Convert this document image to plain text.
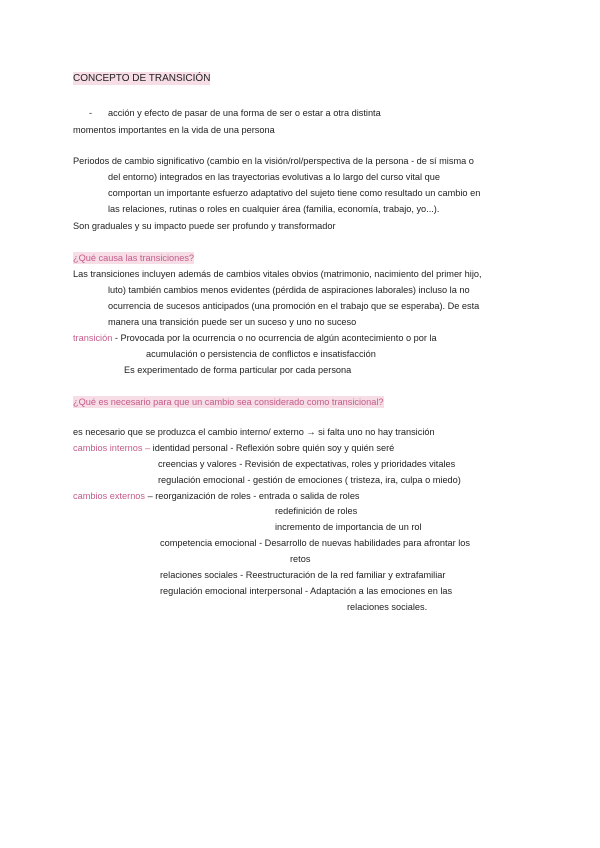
CONCEPTO DE TRANSICIÓN
- acción y efecto de pasar de una forma de ser o estar a otra distinta
momentos importantes en la vida de una persona
Periodos de cambio significativo (cambio en la visión/rol/perspectiva de la persona - de sí misma o
del entorno) integrados en las trayectorias evolutivas a lo largo del curso vital que
comportan un importante esfuerzo adaptativo del sujeto tiene como resultado un cambio en
las relaciones, rutinas o roles en cualquier área (familia, economía, trabajo, yo...).
Son graduales y su impacto puede ser profundo y transformador
¿Qué causa las transiciones?
Las transiciones incluyen además de cambios vitales obvios (matrimonio, nacimiento del primer hijo,
luto) también cambios menos evidentes (pérdida de aspiraciones laborales) incluso la no
ocurrencia de sucesos anticipados (una promoción en el trabajo que se esperaba). De esta
manera una transición puede ser un suceso y uno no suceso
transición - Provocada por la ocurrencia o no ocurrencia de algún acontecimiento o por la
acumulación o persistencia de conflictos e insatisfacción
Es experimentado de forma particular por cada persona
¿Qué es necesario para que un cambio sea considerado como transicional?
es necesario que se produzca el cambio interno/ externo → si falta uno no hay transición
cambios internos – identidad personal - Reflexión sobre quién soy y quién seré
creencias y valores - Revisión de expectativas, roles y prioridades vitales
regulación emocional - gestión de emociones ( tristeza, ira, culpa o miedo)
cambios externos – reorganización de roles - entrada o salida de roles
redefinición de roles
incremento de importancia de un rol
competencia emocional - Desarrollo de nuevas habilidades para afrontar los
retos
relaciones sociales - Reestructuración de la red familiar y extrafamiliar
regulación emocional interpersonal - Adaptación a las emociones en las
relaciones sociales.
